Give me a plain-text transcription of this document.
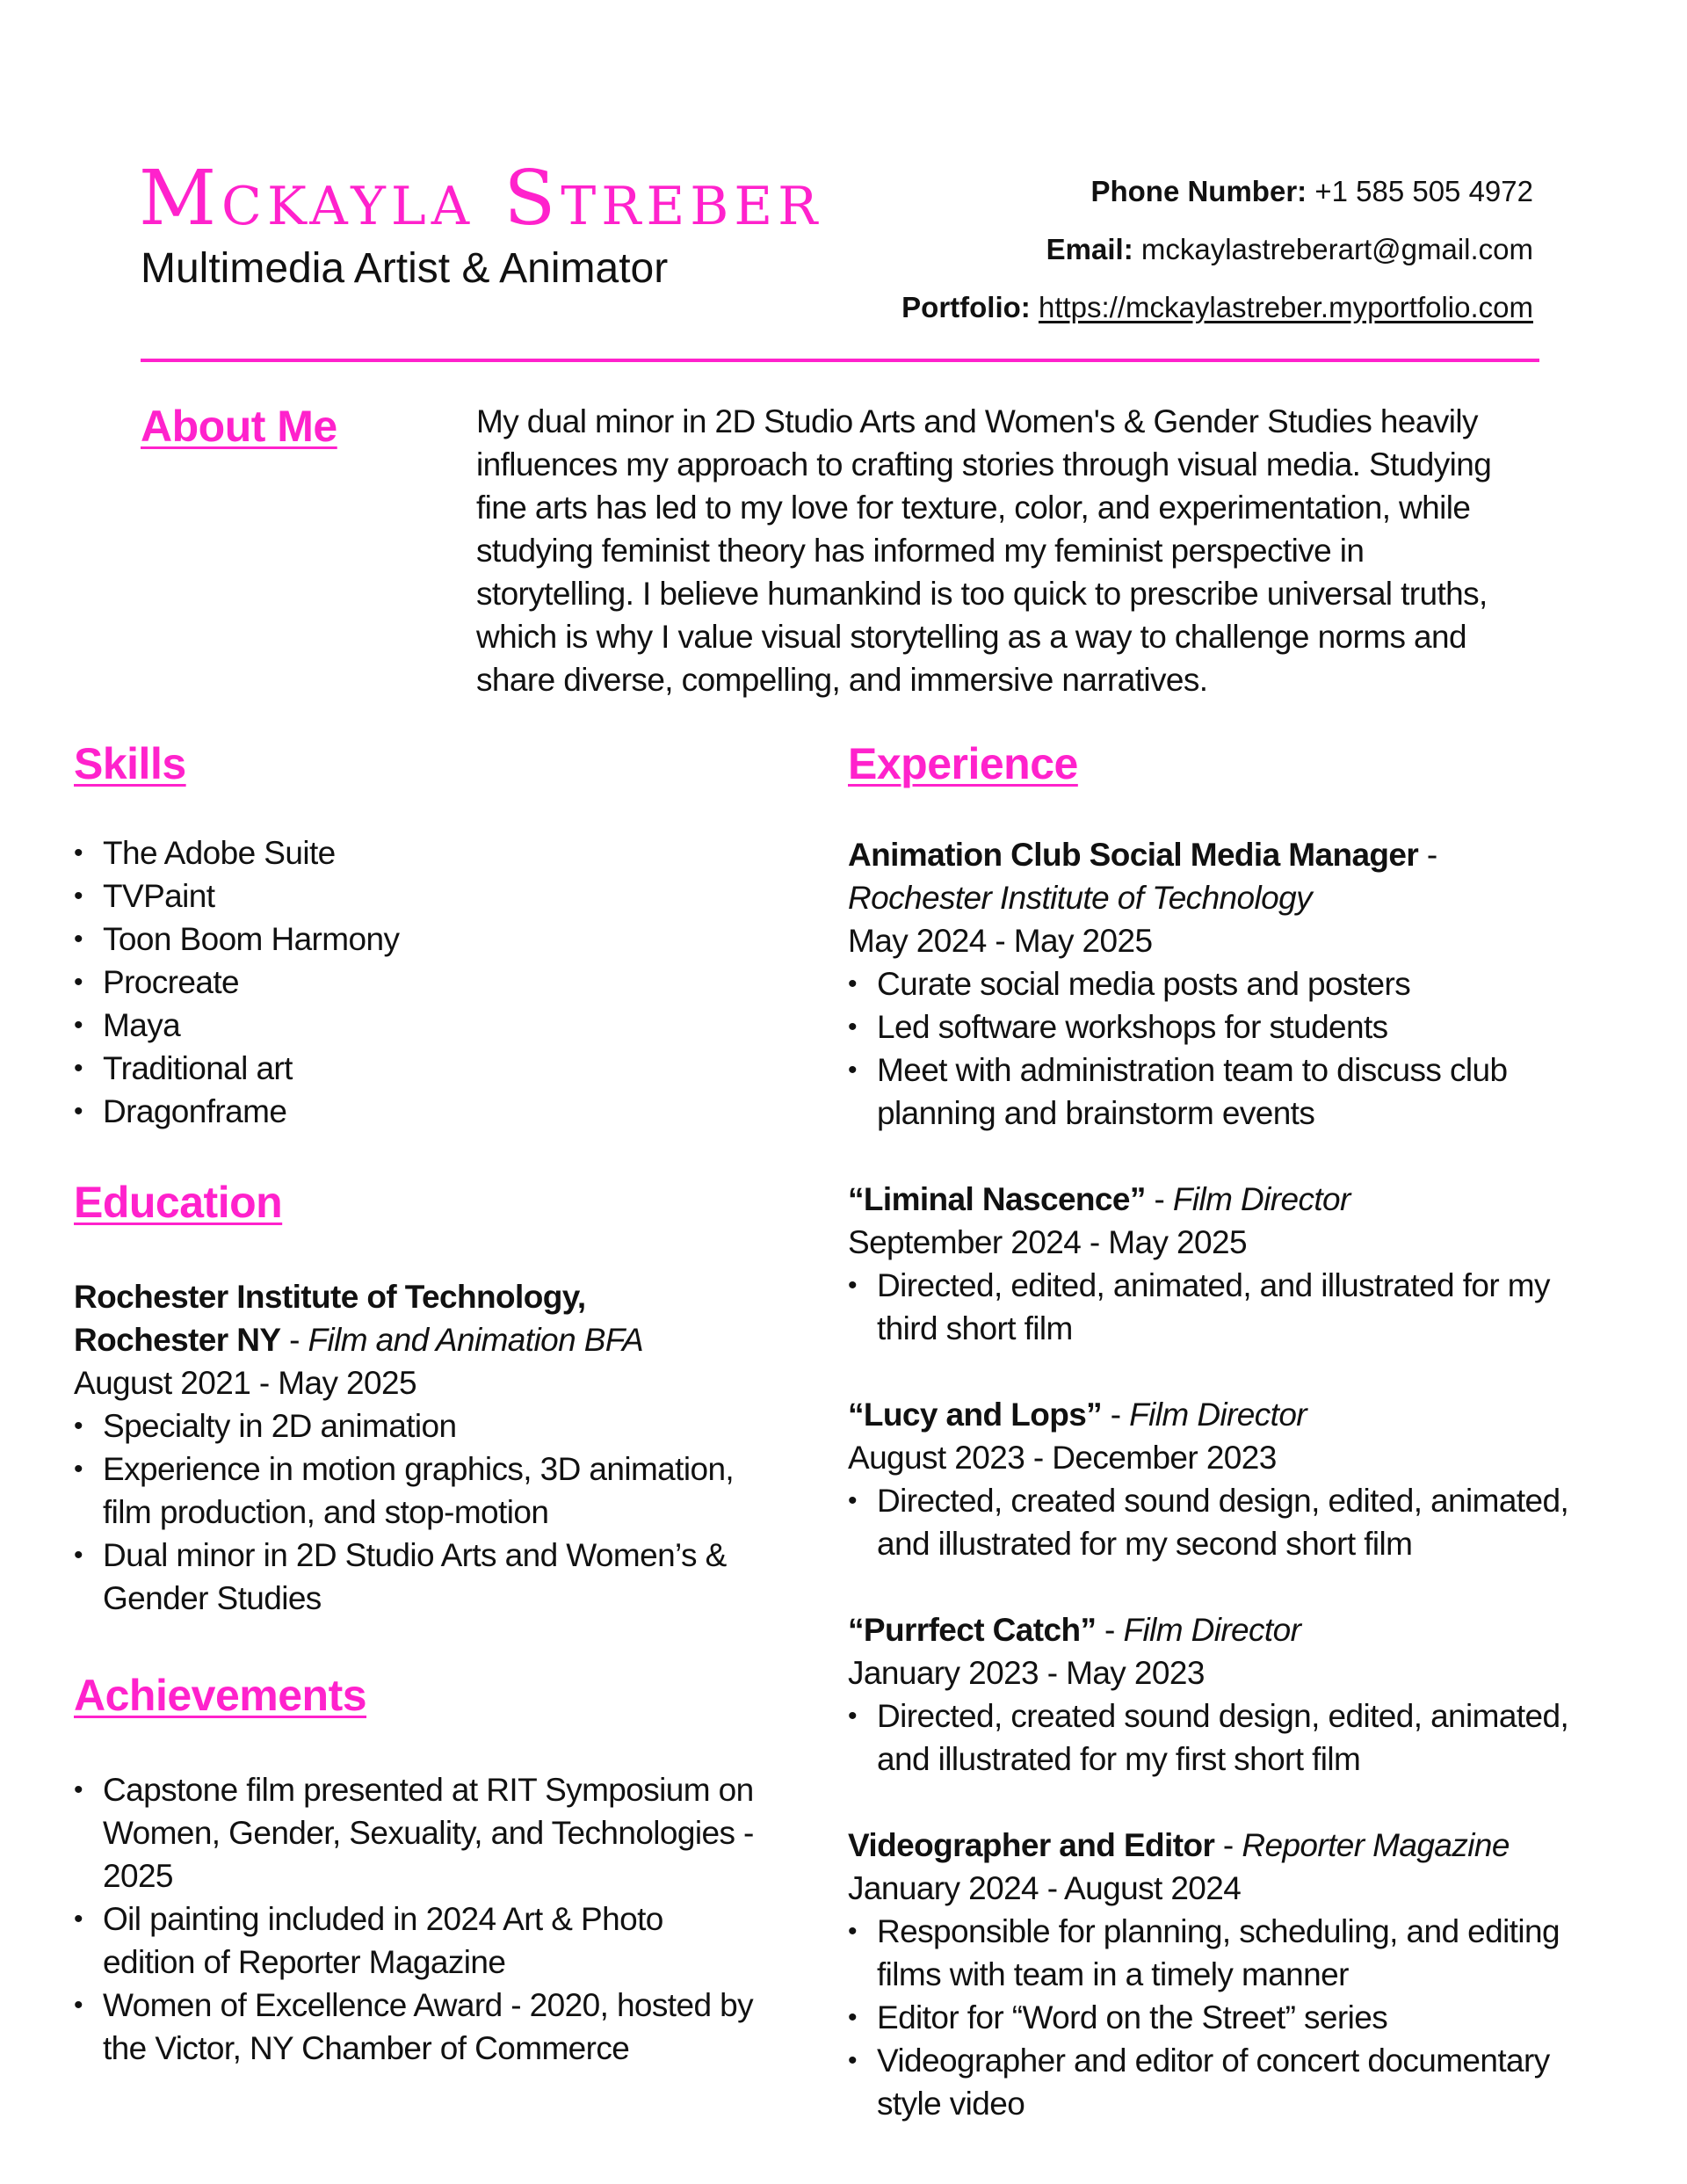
Mckayla Streber
Multimedia Artist & Animator
Phone Number: +1 585 505 4972
Email: mckaylastreberart@gmail.com
Portfolio: https://mckaylastreber.myportfolio.com
About Me	My dual minor in 2D Studio Arts and Women's & Gender Studies heavily
influences my approach to crafting stories through visual media. Studying
fine arts has led to my love for texture, color, and experimentation, while
studying feminist theory has informed my feminist perspective in
storytelling. I believe humankind is too quick to prescribe universal truths,
which is why I value visual storytelling as a way to challenge norms and
share diverse, compelling, and immersive narratives.
Skills
• The Adobe Suite
• TVPaint
• Toon Boom Harmony
• Procreate
• Maya
• Traditional art
• Dragonframe
Education
Rochester Institute of Technology,
Rochester NY - Film and Animation BFA
August 2021 - May 2025
• Specialty in 2D animation
• Experience in motion graphics, 3D animation,
film production, and stop-motion
• Dual minor in 2D Studio Arts and Women’s &
Gender Studies
Achievements
• Capstone film presented at RIT Symposium on
Women, Gender, Sexuality, and Technologies -
2025
• Oil painting included in 2024 Art & Photo
edition of Reporter Magazine
• Women of Excellence Award - 2020, hosted by
the Victor, NY Chamber of Commerce
Experience
Animation Club Social Media Manager -
Rochester Institute of Technology
May 2024 - May 2025
• Curate social media posts and posters
• Led software workshops for students
• Meet with administration team to discuss club
planning and brainstorm events
“Liminal Nascence” - Film Director
September 2024 - May 2025
• Directed, edited, animated, and illustrated for my
third short film
“Lucy and Lops” - Film Director
August 2023 - December 2023
• Directed, created sound design, edited, animated,
and illustrated for my second short film
“Purrfect Catch” - Film Director
January 2023 - May 2023
• Directed, created sound design, edited, animated,
and illustrated for my first short film
Videographer and Editor - Reporter Magazine
January 2024 - August 2024
• Responsible for planning, scheduling, and editing
films with team in a timely manner
• Editor for “Word on the Street” series
• Videographer and editor of concert documentary
style video
